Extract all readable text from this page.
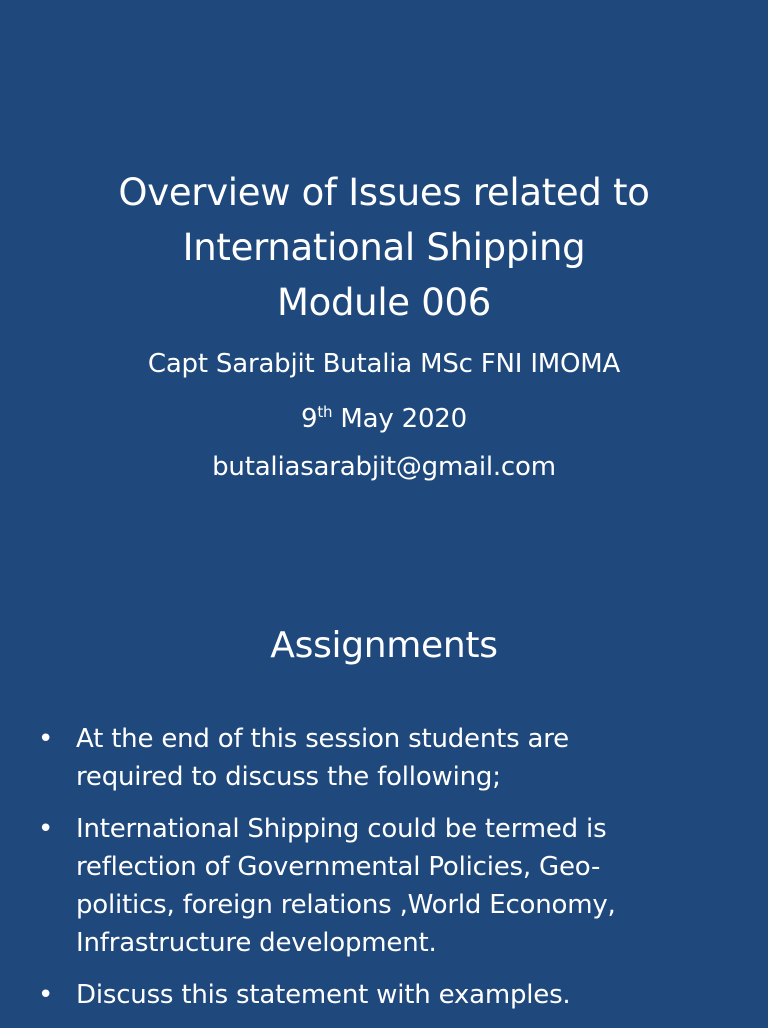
Overview of Issues related to
International Shipping
Module 006
Capt Sarabjit Butalia MSc FNI IMOMA
9th May 2020
butaliasarabjit@gmail.com
Assignments
• At the end of this session students are
required to discuss the following;
• International Shipping could be termed is
reflection of Governmental Policies, Geo-
politics, foreign relations ,World Economy,
Infrastructure development.
• Discuss this statement with examples.
